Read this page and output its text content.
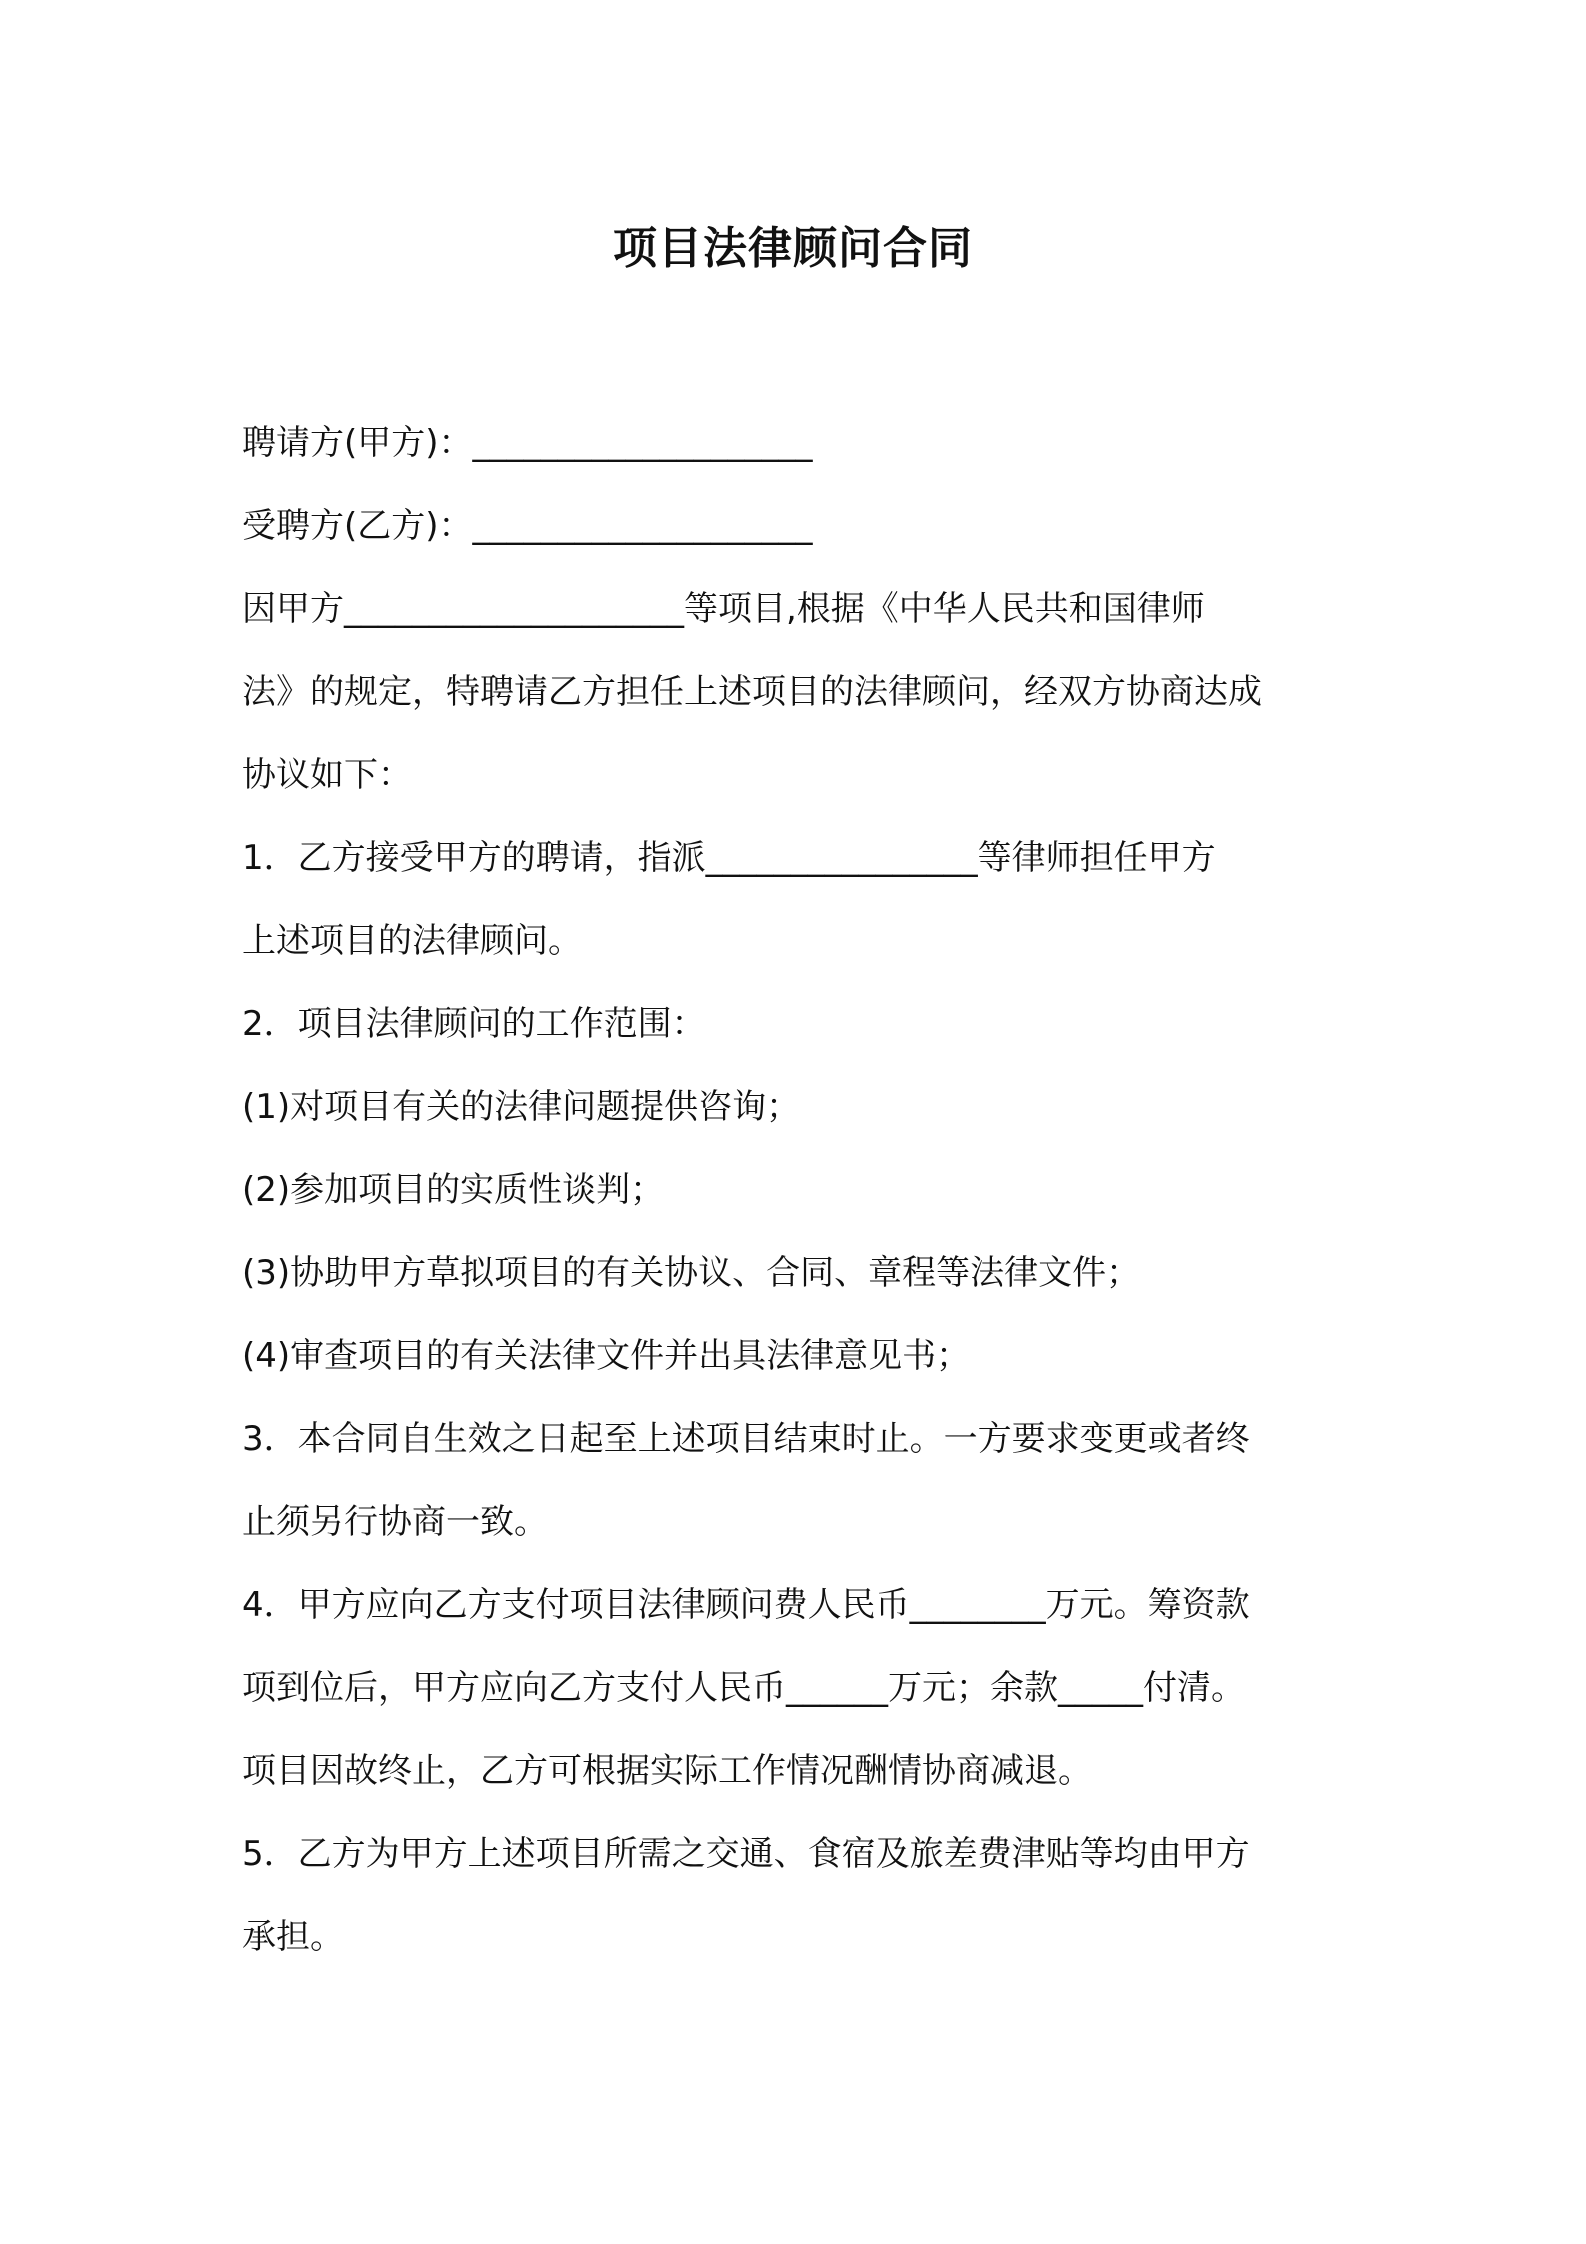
项目法律顾问合同
聘请方(甲方)：____________________
受聘方(乙方)：____________________
因甲方____________________等项目,根据《中华人民共和国律师
法》的规定，特聘请乙方担任上述项目的法律顾问，经双方协商达成
协议如下：
1．乙方接受甲方的聘请，指派________________等律师担任甲方
上述项目的法律顾问。
2．项目法律顾问的工作范围：
(1)对项目有关的法律问题提供咨询；
(2)参加项目的实质性谈判；
(3)协助甲方草拟项目的有关协议、合同、章程等法律文件；
(4)审查项目的有关法律文件并出具法律意见书；
3．本合同自生效之日起至上述项目结束时止。一方要求变更或者终
止须另行协商一致。
4．甲方应向乙方支付项目法律顾问费人民币________万元。筹资款
项到位后，甲方应向乙方支付人民币______万元；余款_____付清。
项目因故终止，乙方可根据实际工作情况酬情协商减退。
5．乙方为甲方上述项目所需之交通、食宿及旅差费津贴等均由甲方
承担。
